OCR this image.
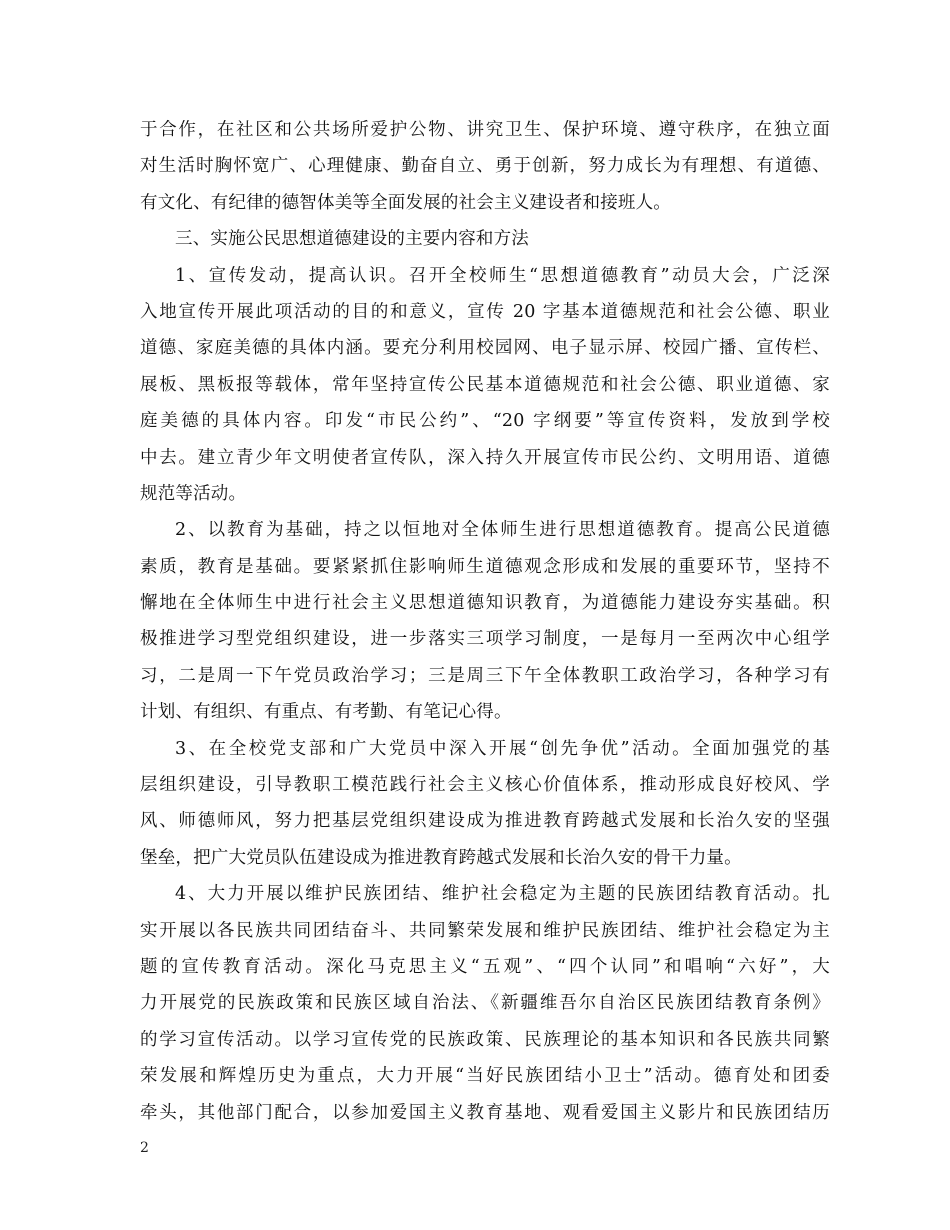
于合作，在社区和公共场所爱护公物、讲究卫生、保护环境、遵守秩序，在独立面
对生活时胸怀宽广、心理健康、勤奋自立、勇于创新，努力成长为有理想、有道德、
有文化、有纪律的德智体美等全面发展的社会主义建设者和接班人。
三、实施公民思想道德建设的主要内容和方法
1、宣传发动，提高认识。召开全校师生“思想道德教育”动员大会，广泛深
入地宣传开展此项活动的目的和意义，宣传 20 字基本道德规范和社会公德、职业
道德、家庭美德的具体内涵。要充分利用校园网、电子显示屏、校园广播、宣传栏、
展板、黑板报等载体，常年坚持宣传公民基本道德规范和社会公德、职业道德、家
庭美德的具体内容。印发“市民公约”、“20 字纲要”等宣传资料，发放到学校
中去。建立青少年文明使者宣传队，深入持久开展宣传市民公约、文明用语、道德
规范等活动。
2、以教育为基础，持之以恒地对全体师生进行思想道德教育。提高公民道德
素质，教育是基础。要紧紧抓住影响师生道德观念形成和发展的重要环节，坚持不
懈地在全体师生中进行社会主义思想道德知识教育，为道德能力建设夯实基础。积
极推进学习型党组织建设，进一步落实三项学习制度，一是每月一至两次中心组学
习，二是周一下午党员政治学习；三是周三下午全体教职工政治学习，各种学习有
计划、有组织、有重点、有考勤、有笔记心得。
3、在全校党支部和广大党员中深入开展“创先争优”活动。全面加强党的基
层组织建设，引导教职工模范践行社会主义核心价值体系，推动形成良好校风、学
风、师德师风，努力把基层党组织建设成为推进教育跨越式发展和长治久安的坚强
堡垒，把广大党员队伍建设成为推进教育跨越式发展和长治久安的骨干力量。
4、大力开展以维护民族团结、维护社会稳定为主题的民族团结教育活动。扎
实开展以各民族共同团结奋斗、共同繁荣发展和维护民族团结、维护社会稳定为主
题的宣传教育活动。深化马克思主义“五观”、“四个认同”和唱响“六好”，大
力开展党的民族政策和民族区域自治法、《新疆维吾尔自治区民族团结教育条例》
的学习宣传活动。以学习宣传党的民族政策、民族理论的基本知识和各民族共同繁
荣发展和辉煌历史为重点，大力开展“当好民族团结小卫士”活动。德育处和团委
牵头，其他部门配合，以参加爱国主义教育基地、观看爱国主义影片和民族团结历
2
